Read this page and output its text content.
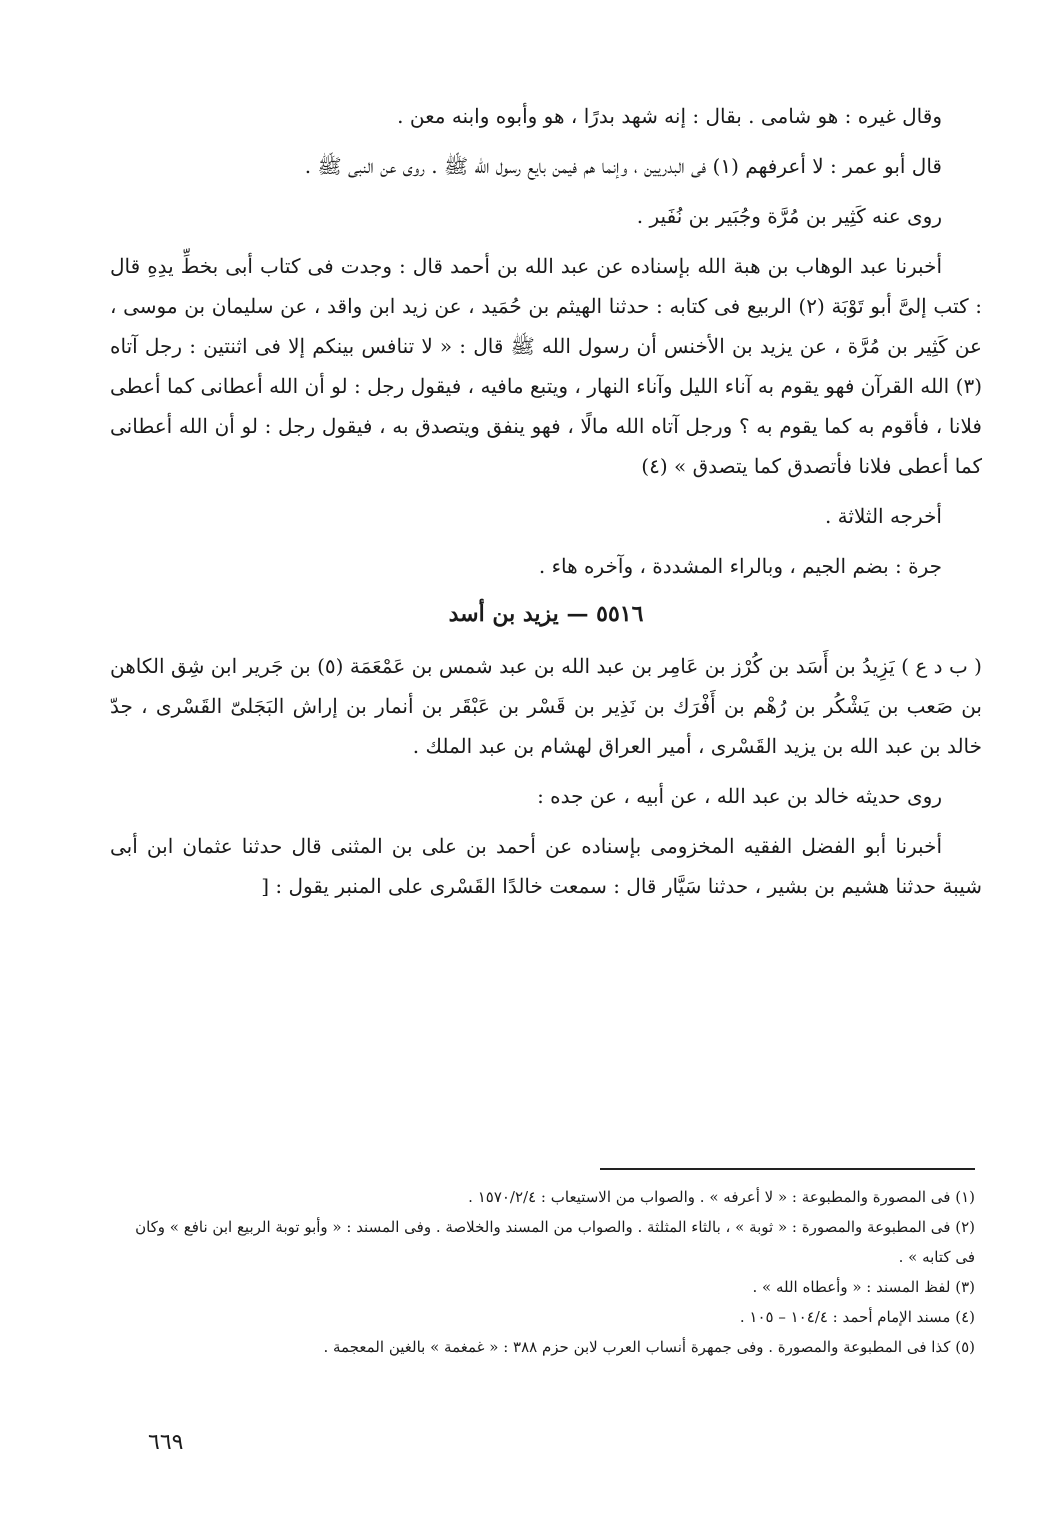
وقال غيره : هو شامى . بقال : إنه شهد بدرًا ، هو وأبوه وابنه معن .

قال أبو عمر : لا أعرفهم (١) فى البدريين ، وإنما هم فيمن بايع رسول الله ﷺ . روى عن النبى ﷺ .

روى عنه كَثِير بن مُرَّة وجُبَير بن نُفَير .

أخبرنا عبد الوهاب بن هبة الله بإسناده عن عبد الله بن أحمد قال : وجدت فى كتاب أبى بخطِّ يدِهِ قال : كتب إلىَّ أبو تَوْبَة (٢) الربيع فى كتابه : حدثنا الهيثم بن حُمَيد ، عن زيد ابن واقد ، عن سليمان بن موسى ، عن كَثِير بن مُرَّة ، عن يزيد بن الأخنس أن رسول الله ﷺ قال : « لا تنافس بينكم إلا فى اثنتين : رجل آتاه (٣) الله القرآن فهو يقوم به آناء الليل وآناء النهار ، ويتبع مافيه ، فيقول رجل : لو أن الله أعطانى كما أعطى فلانا ، فأقوم به كما يقوم به ؟ ورجل آتاه الله مالًا ، فهو ينفق ويتصدق به ، فيقول رجل : لو أن الله أعطانى كما أعطى فلانا فأتصدق كما يتصدق » (٤)

أخرجه الثلاثة .

جرة : بضم الجيم ، وبالراء المشددة ، وآخره هاء .

٥٥١٦ — يزيد بن أسد

( ب د ع ) يَزِيدُ بن أَسَد بن كُرْز بن عَامِر بن عبد الله بن عبد شمس بن عَمْعَمَة (٥) بن جَرير ابن شِق الكاهن بن صَعب بن يَشْكُر بن رُهْم بن أَفْرَك بن نَذِير بن قَسْر بن عَبْقَر بن أنمار بن إراش البَجَلىّ القَسْرى ، جدّ خالد بن عبد الله بن يزيد القَسْرى ، أمير العراق لهشام بن عبد الملك .

روى حديثه خالد بن عبد الله ، عن أبيه ، عن جده :

أخبرنا أبو الفضل الفقيه المخزومى بإسناده عن أحمد بن على بن المثنى قال حدثنا عثمان ابن أبى شيبة حدثنا هشيم بن بشير ، حدثنا سَيَّار قال : سمعت خالدًا القَسْرى على المنبر يقول : [

(١) فى المصورة والمطبوعة : « لا أعرفه » . والصواب من الاستيعاب : ١٥٧٠/٢/٤ .

(٢) فى المطبوعة والمصورة : « ثوبة » ، بالثاء المثلثة . والصواب من المسند والخلاصة . وفى المسند : « وأبو توبة الربيع ابن نافع » وكان فى كتابه » .

(٣) لفظ المسند : « وأعطاه الله » .

(٤) مسند الإمام أحمد : ١٠٤/٤ – ١٠٥ .

(٥) كذا فى المطبوعة والمصورة . وفى جمهرة أنساب العرب لابن حزم ٣٨٨ : « غمغمة » بالغين المعجمة .

٦٦٩
